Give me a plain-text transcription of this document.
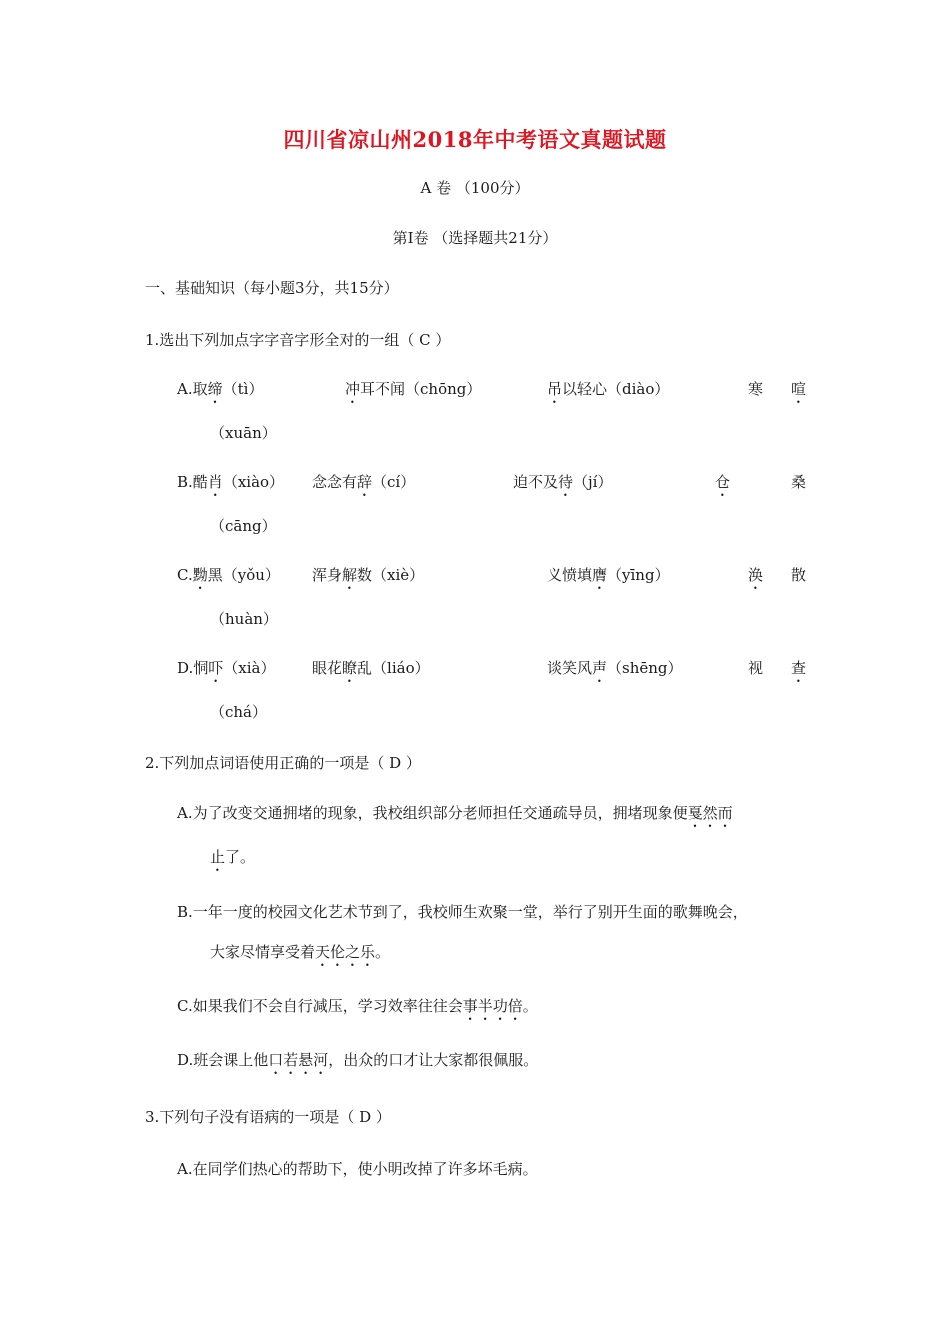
四川省凉山州2018年中考语文真题试题
A 卷 （100分）
第Ⅰ卷 （选择题共21分）
一、基础知识（每小题3分，共15分）
1.选出下列加点字字音字形全对的一组（ C ）
A.取缔（tì）	冲耳不闻（chōng）	吊以轻心（diào）	寒 喧
（xuān）
B.酷肖（xiào） 念念有辞（cí）	迫不及待（jí）	仓	桑
（cāng）
C.黝黑（yǒu） 浑身解数（xiè）	义愤填膺（yīng）	涣 散
（huàn）
D.恫吓（xià） 眼花瞭乱（liáo）	谈笑风声（shēng）	视 查
（chá）
2.下列加点词语使用正确的一项是（ D ）
A.为了改变交通拥堵的现象，我校组织部分老师担任交通疏导员，拥堵现象便戛然而
止了。
B.一年一度的校园文化艺术节到了，我校师生欢聚一堂，举行了别开生面的歌舞晚会，
大家尽情享受着天伦之乐。
C.如果我们不会自行减压，学习效率往往会事半功倍。
D.班会课上他口若悬河，出众的口才让大家都很佩服。
3.下列句子没有语病的一项是（ D ）
A.在同学们热心的帮助下，使小明改掉了许多坏毛病。
